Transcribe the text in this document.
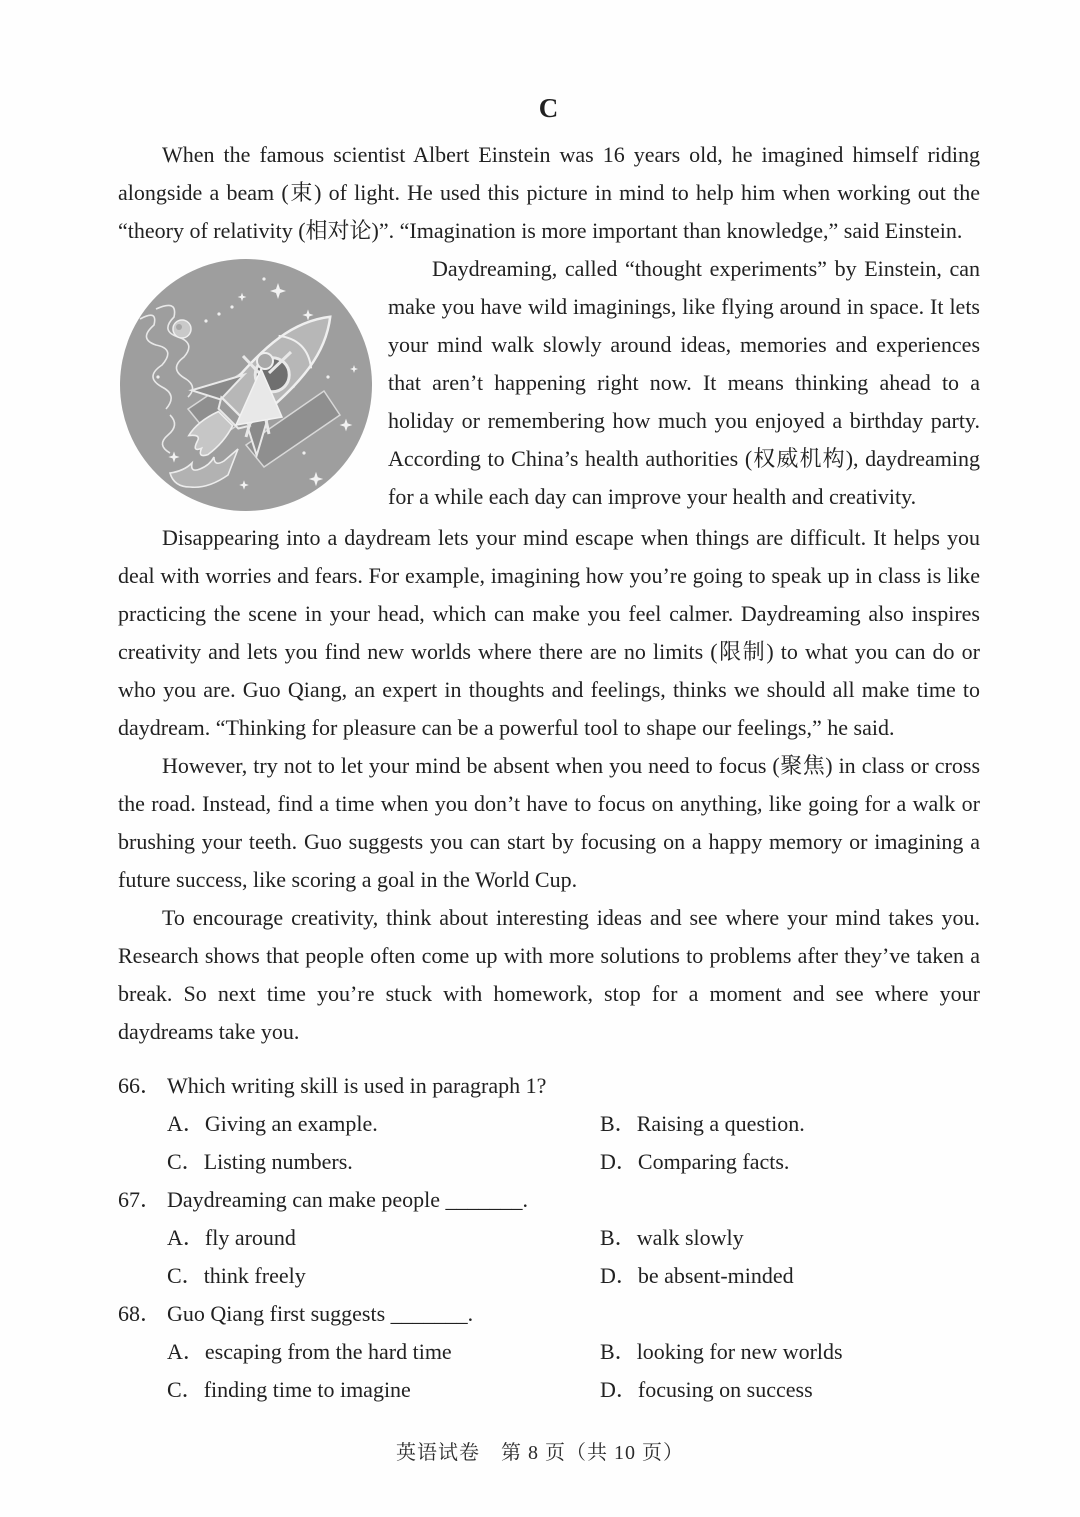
C

When the famous scientist Albert Einstein was 16 years old, he imagined himself riding alongside a beam (束) of light. He used this picture in mind to help him when working out the “theory of relativity (相对论)”. “Imagination is more important than knowledge,” said Einstein.

Daydreaming, called “thought experiments” by Einstein, can make you have wild imaginings, like flying around in space. It lets your mind walk slowly around ideas, memories and experiences that aren’t happening right now. It means thinking ahead to a holiday or remembering how much you enjoyed a birthday party. According to China’s health authorities (权威机构), daydreaming for a while each day can improve your health and creativity.

Disappearing into a daydream lets your mind escape when things are difficult. It helps you deal with worries and fears. For example, imagining how you’re going to speak up in class is like practicing the scene in your head, which can make you feel calmer. Daydreaming also inspires creativity and lets you find new worlds where there are no limits (限制) to what you can do or who you are. Guo Qiang, an expert in thoughts and feelings, thinks we should all make time to daydream. “Thinking for pleasure can be a powerful tool to shape our feelings,” he said.

However, try not to let your mind be absent when you need to focus (聚焦) in class or cross the road. Instead, find a time when you don’t have to focus on anything, like going for a walk or brushing your teeth. Guo suggests you can start by focusing on a happy memory or imagining a future success, like scoring a goal in the World Cup.

To encourage creativity, think about interesting ideas and see where your mind takes you. Research shows that people often come up with more solutions to problems after they’ve taken a break. So next time you’re stuck with homework, stop for a moment and see where your daydreams take you.

66． Which writing skill is used in paragraph 1?
A．Giving an example.	B．Raising a question.
C．Listing numbers.	D．Comparing facts.
67． Daydreaming can make people _______.
A．fly around	B．walk slowly
C．think freely	D．be absent-minded
68． Guo Qiang first suggests _______.
A．escaping from the hard time	B．looking for new worlds
C．finding time to imagine	D．focusing on success
英语试卷　第 8 页（共 10 页）
